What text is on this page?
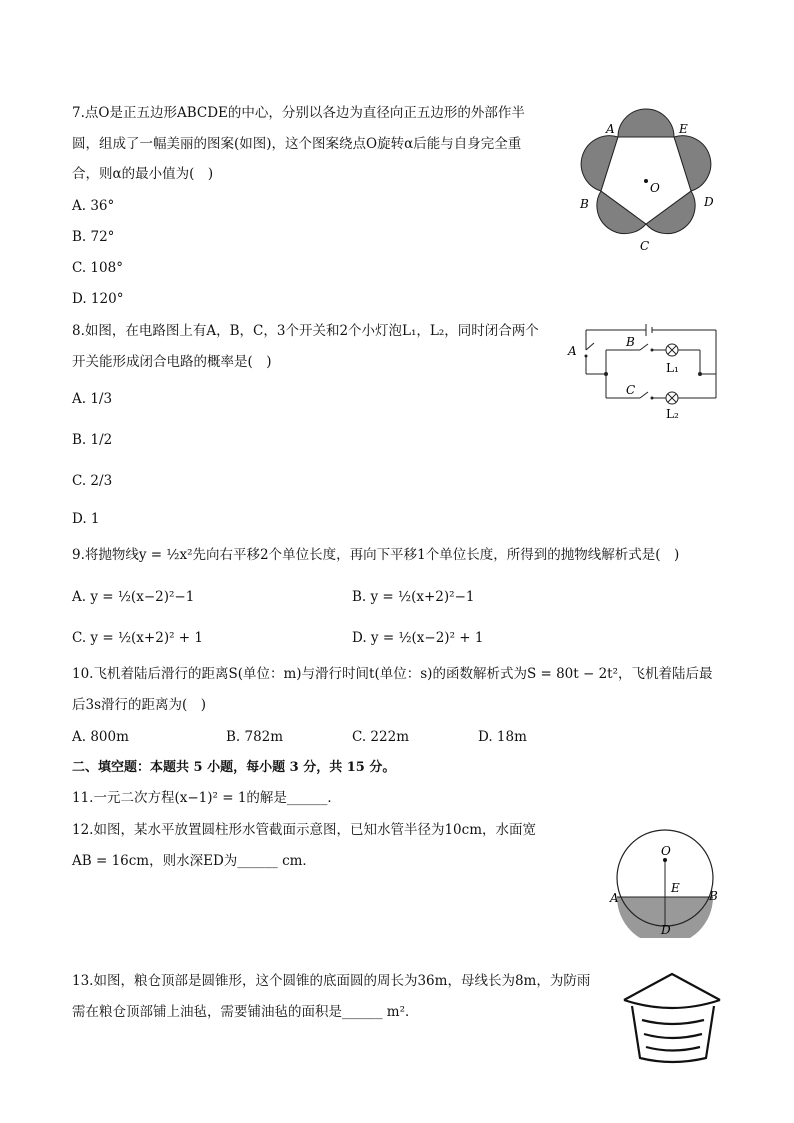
7.点O是正五边形ABCDE的中心，分别以各边为直径向正五边形的外部作半
圆，组成了一幅美丽的图案(如图)，这个图案绕点O旋转α后能与自身完全重
合，则α的最小值为(　)
A. 36°
B. 72°
C. 108°
D. 120°
O
A	E
B	D
C
8.如图，在电路图上有A，B，C，3个开关和2个小灯泡L₁，L₂，同时闭合两个
开关能形成闭合电路的概率是(　)
A. 1/3
B. 1/2
C. 2/3
D. 1
A
B
C
L₁
L₂
9.将抛物线y = ½x²先向右平移2个单位长度，再向下平移1个单位长度，所得到的抛物线解析式是(　)
A. y = ½(x−2)²−1	B. y = ½(x+2)²−1
C. y = ½(x+2)² + 1	D. y = ½(x−2)² + 1
10.飞机着陆后滑行的距离S(单位：m)与滑行时间t(单位：s)的函数解析式为S = 80t − 2t²，飞机着陆后最
后3s滑行的距离为(　)
A. 800m	B. 782m	C. 222m	D. 18m
二、填空题：本题共 5 小题，每小题 3 分，共 15 分。
11.一元二次方程(x−1)² = 1的解是______．
12.如图，某水平放置圆柱形水管截面示意图，已知水管半径为10cm，水面宽
AB = 16cm，则水深ED为______ cm．
O
E
A	B
D
13.如图，粮仓顶部是圆锥形，这个圆锥的底面圆的周长为36m，母线长为8m，为防雨
需在粮仓顶部铺上油毡，需要铺油毡的面积是______ m²．
